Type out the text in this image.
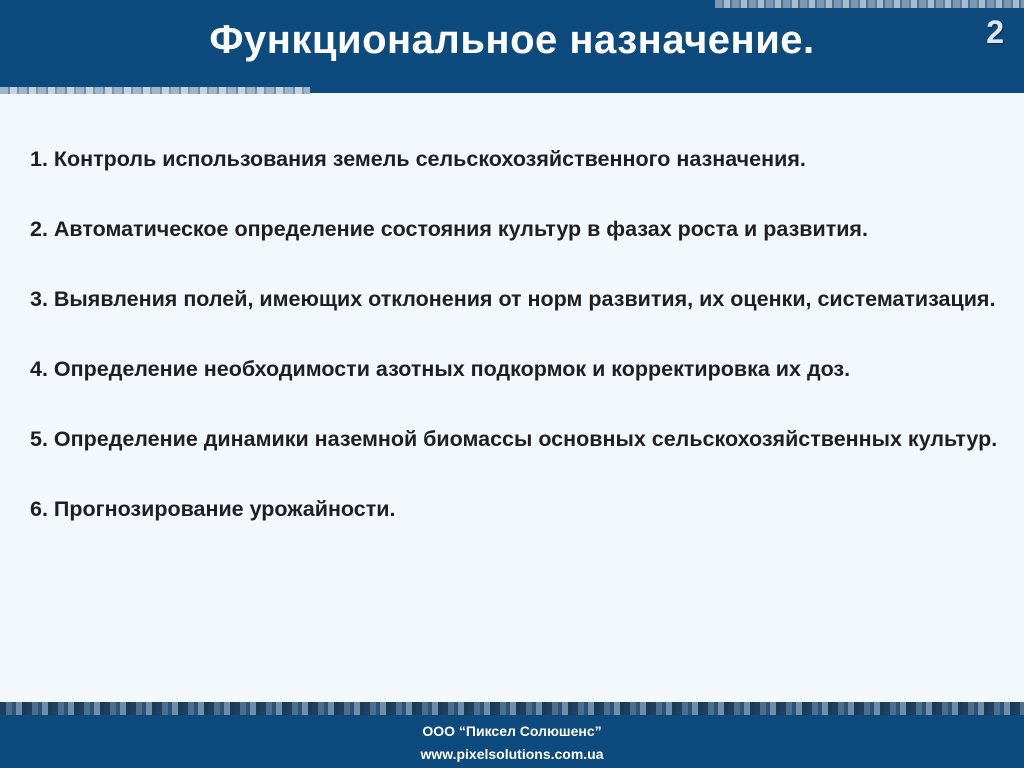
Функциональное назначение.	2
1. Контроль использования земель сельскохозяйственного назначения.
2. Автоматическое определение состояния культур в фазах роста и развития.
3. Выявления полей, имеющих отклонения от норм развития, их оценки, систематизация.
4. Определение необходимости азотных подкормок и корректировка их доз.
5. Определение динамики наземной биомассы основных сельскохозяйственных культур.
6. Прогнозирование урожайности.
ООО “Пиксел Солюшенс”
www.pixelsolutions.com.ua
